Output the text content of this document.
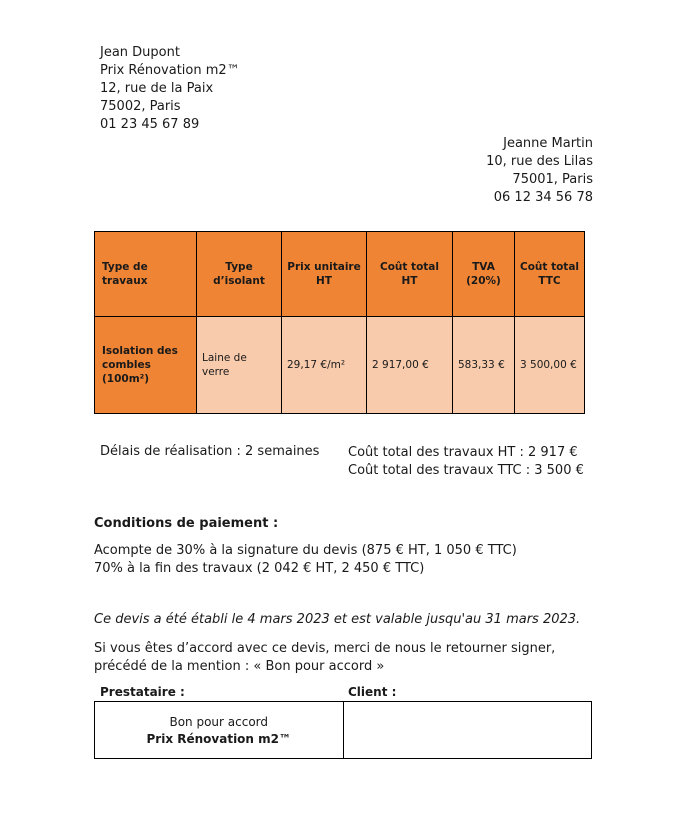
Jean Dupont
Prix Rénovation m2™
12, rue de la Paix
75002, Paris
01 23 45 67 89
Jeanne Martin
10, rue des Lilas
75001, Paris
06 12 34 56 78
Type de travaux	Type d’isolant	Prix unitaire HT	Coût total HT	TVA (20%)	Coût total TTC
Isolation des combles (100m²)	Laine de verre	29,17 €/m²	2 917,00 €	583,33 €	3 500,00 €
Délais de réalisation : 2 semaines Coût total des travaux HT : 2 917 €
Coût total des travaux TTC : 3 500 €
Conditions de paiement :
Acompte de 30% à la signature du devis (875 € HT, 1 050 € TTC)
70% à la fin des travaux (2 042 € HT, 2 450 € TTC)
Ce devis a été établi le 4 mars 2023 et est valable jusqu'au 31 mars 2023.
Si vous êtes d’accord avec ce devis, merci de nous le retourner signer, précédé de la mention : « Bon pour accord »
Prestataire :	Client :
Bon pour accord
Prix Rénovation m2™
